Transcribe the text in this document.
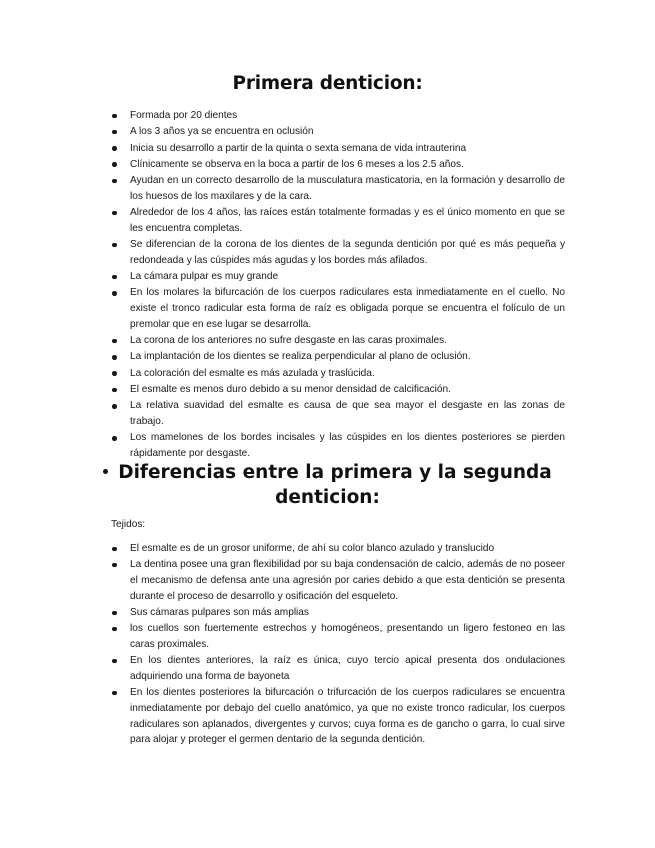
Primera denticion:
Formada por 20 dientes
A los 3 años ya se encuentra en oclusión
Inicia su desarrollo a partir de la quinta o sexta semana de vida intrauterina
Clínicamente se observa en la boca a partir de los 6 meses a los 2.5 años.
Ayudan en un correcto desarrollo de la musculatura masticatoria, en la formación y desarrollo de los huesos de los maxilares y de la cara.
Alrededor de los 4 años, las raíces están totalmente formadas y es el único momento en que se les encuentra completas.
Se diferencian de la corona de los dientes de la segunda dentición por qué es más pequeña y redondeada y las cúspides más agudas y los bordes más afilados.
La cámara pulpar es muy grande
En los molares la bifurcación de los cuerpos radiculares esta inmediatamente en el cuello. No existe el tronco radicular esta forma de raíz es obligada porque se encuentra el folículo de un premolar que en ese lugar se desarrolla.
La corona de los anteriores no sufre desgaste en las caras proximales.
La implantación de los dientes se realiza perpendicular al plano de oclusión.
La coloración del esmalte es más azulada y traslúcida.
El esmalte es menos duro debido a su menor densidad de calcificación.
La relativa suavidad del esmalte es causa de que sea mayor el desgaste en las zonas de trabajo.
Los mamelones de los bordes incisales y las cúspides en los dientes posteriores se pierden rápidamente por desgaste.
Diferencias entre la primera y la segunda
denticion:
Tejidos:
El esmalte es de un grosor uniforme, de ahí su color blanco azulado y translucido
La dentina posee una gran flexibilidad por su baja condensación de calcio, además de no poseer el mecanismo de defensa ante una agresión por caries debido a que esta dentición se presenta durante el proceso de desarrollo y osificación del esqueleto.
Sus cámaras pulpares son más amplias
los cuellos son fuertemente estrechos y homogéneos, presentando un ligero festoneo en las caras proximales.
En los dientes anteriores, la raíz es única, cuyo tercio apical presenta dos ondulaciones adquiriendo una forma de bayoneta
En los dientes posteriores la bifurcación o trifurcación de los cuerpos radiculares se encuentra inmediatamente por debajo del cuello anatómico, ya que no existe tronco radicular, los cuerpos radiculares son aplanados, divergentes y curvos; cuya forma es de gancho o garra, lo cual sirve para alojar y proteger el germen dentario de la segunda dentición.
